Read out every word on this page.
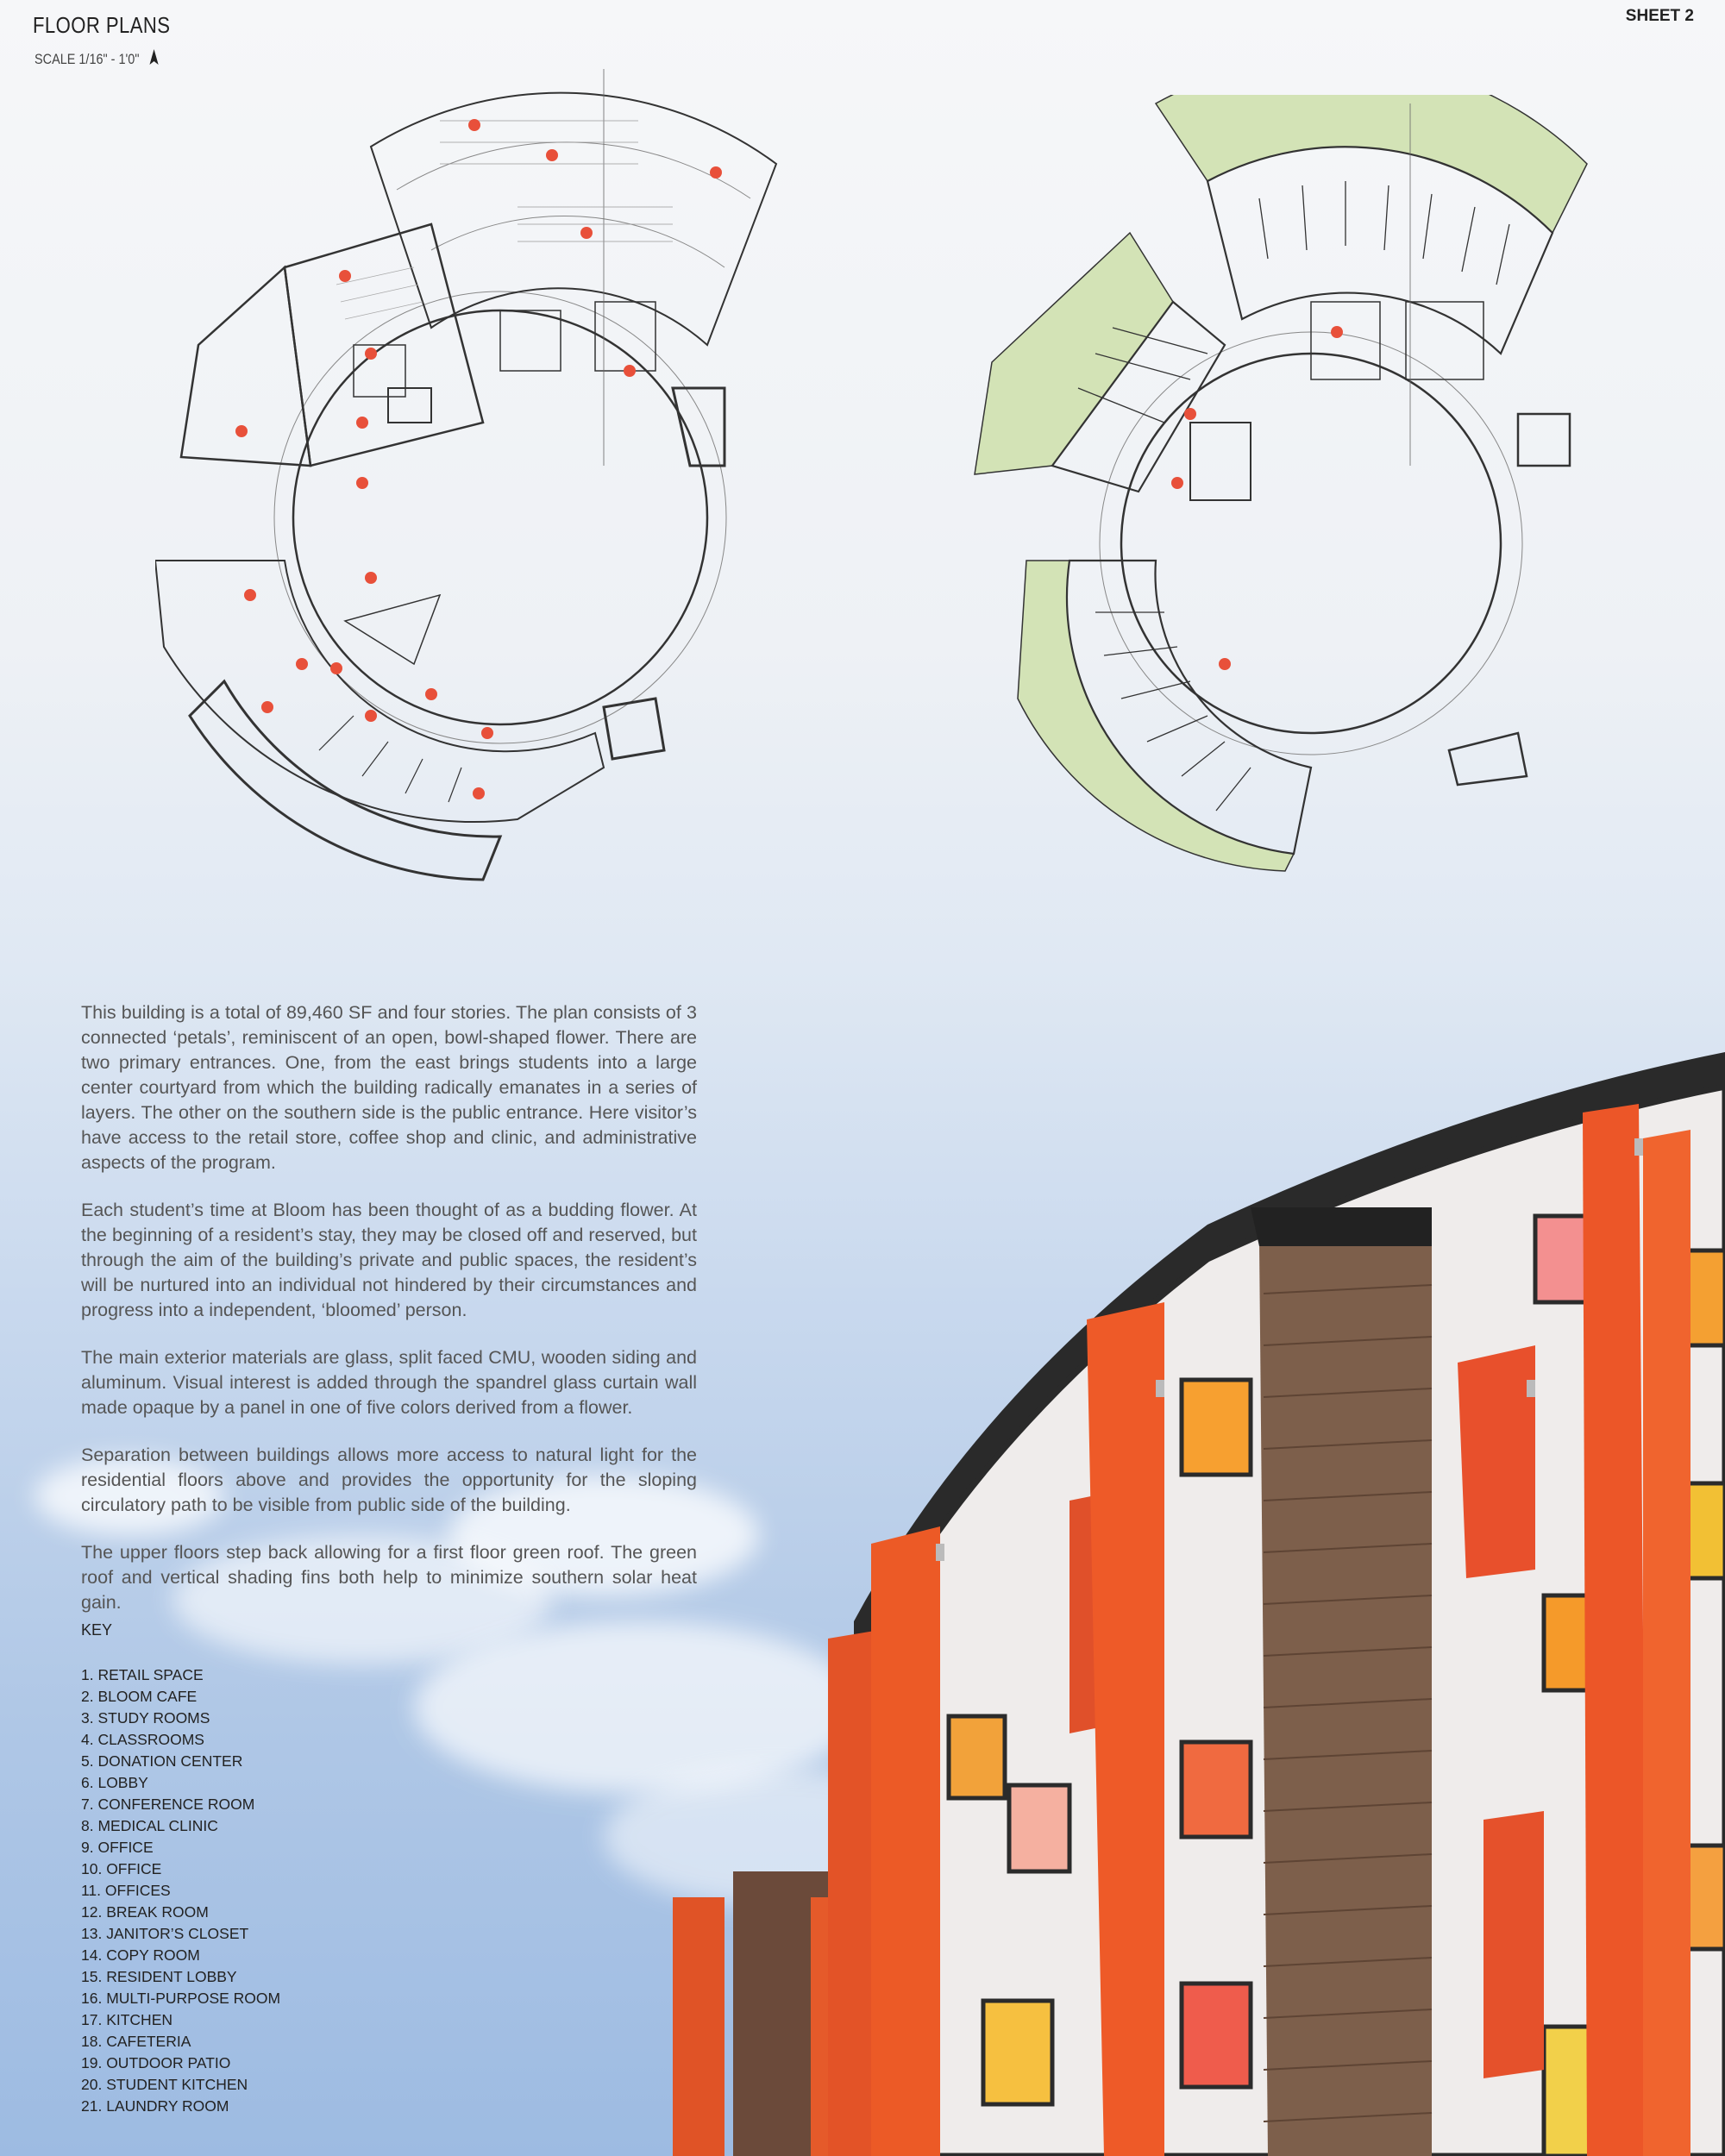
FLOOR PLANS
SCALE 1/16" - 1'0"
SHEET 2

This building is a total of 89,460 SF and four stories. The plan consists of 3 connected ‘petals’, reminiscent of an open, bowl-shaped flower. There are two primary entrances. One, from the east brings students into a large center courtyard from which the building radically emanates in a series of layers. The other on the southern side is the public entrance. Here visitor’s have access to the retail store, coffee shop and clinic, and administrative aspects of the program.

Each student’s time at Bloom has been thought of as a budding flower. At the beginning of a resident’s stay, they may be closed off and reserved, but through the aim of the building’s private and public spaces, the resident’s will be nurtured into an individual not hindered by their circumstances and progress into a independent, ‘bloomed’ person.

The main exterior materials are glass, split faced CMU, wooden siding and aluminum. Visual interest is added through the spandrel glass curtain wall made opaque by a panel in one of five colors derived from a flower.

Separation between buildings allows more access to natural light for the residential floors above and provides the opportunity for the sloping circulatory path to be visible from public side of the building.

The upper floors step back allowing for a first floor green roof. The green roof and vertical shading fins both help to minimize southern solar heat gain.

KEY
1. RETAIL SPACE
2. BLOOM CAFE
3. STUDY ROOMS
4. CLASSROOMS
5. DONATION CENTER
6. LOBBY
7. CONFERENCE ROOM
8. MEDICAL CLINIC
9. OFFICE
10. OFFICE
11. OFFICES
12. BREAK ROOM
13. JANITOR’S CLOSET
14. COPY ROOM
15. RESIDENT LOBBY
16. MULTI-PURPOSE ROOM
17. KITCHEN
18. CAFETERIA
19. OUTDOOR PATIO
20. STUDENT KITCHEN
21. LAUNDRY ROOM
